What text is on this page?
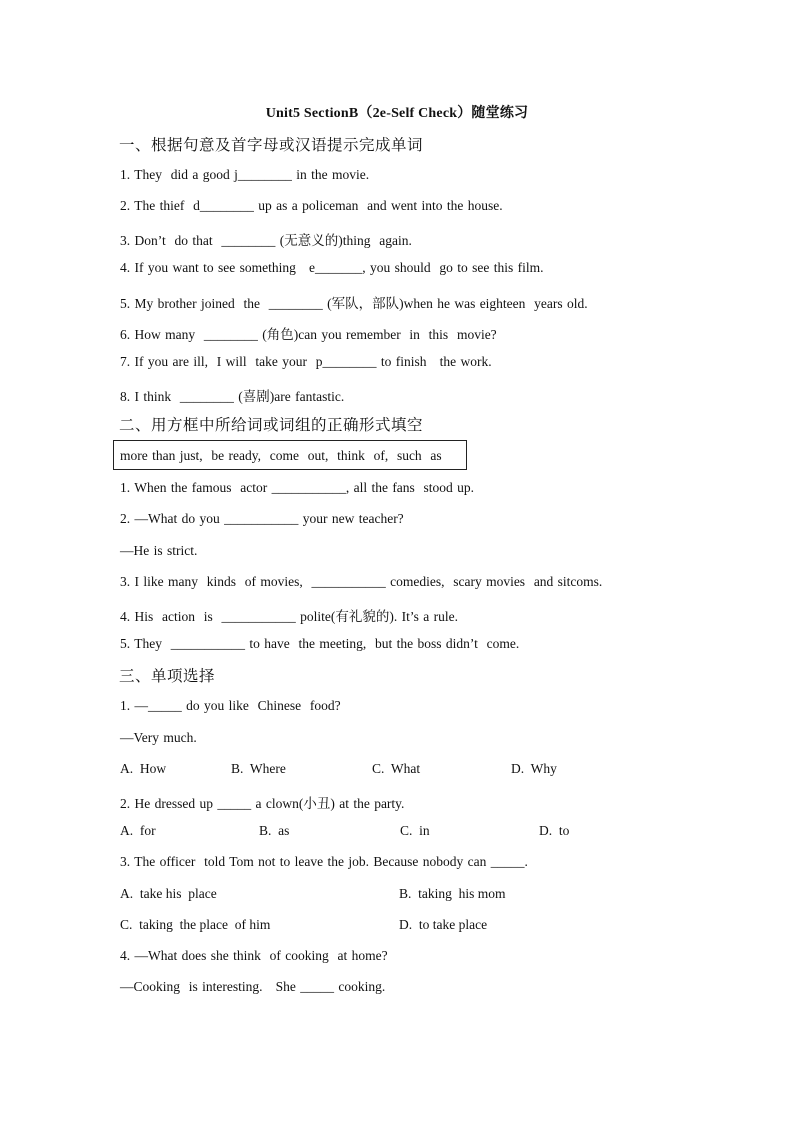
Unit5 SectionB（2e-Self Check）随堂练习
一、根据句意及首字母或汉语提示完成单词
1. They  did a good j________ in the movie.
2. The thief  d________ up as a policeman  and went into the house.
3. Don’t  do that  ________ (无意义的)thing  again.
4. If you want to see something   e_______, you should  go to see this film.
5. My brother joined  the  ________ (军队，部队)when he was eighteen  years old.
6. How many  ________ (角色)can you remember  in  this  movie?
7. If you are ill,  I will  take your  p________ to finish   the work.
8. I think  ________ (喜剧)are fantastic.
二、用方框中所给词或词组的正确形式填空
more than just,  be ready,  come  out,  think  of,  such  as
1. When the famous  actor ___________, all the fans  stood up.
2. —What do you ___________ your new teacher?
—He is strict.
3. I like many  kinds  of movies,  ___________ comedies,  scary movies  and sitcoms.
4. His  action  is  ___________ polite(有礼貌的). It’s a rule.
5. They  ___________ to have  the meeting,  but the boss didn’t  come.
三、单项选择
1. —_____ do you like  Chinese  food?
—Very much.
A.  How	B.  Where	C.  What	D.  Why
2. He dressed up _____ a clown(小丑) at the party.
A.  for	B.  as	C.  in	D.  to
3. The officer  told Tom not to leave the job. Because nobody can _____.
A.  take his  place	B.  taking  his mom
C.  taking  the place  of him	D.  to take place
4. —What does she think  of cooking  at home?
—Cooking  is interesting.   She _____ cooking.
